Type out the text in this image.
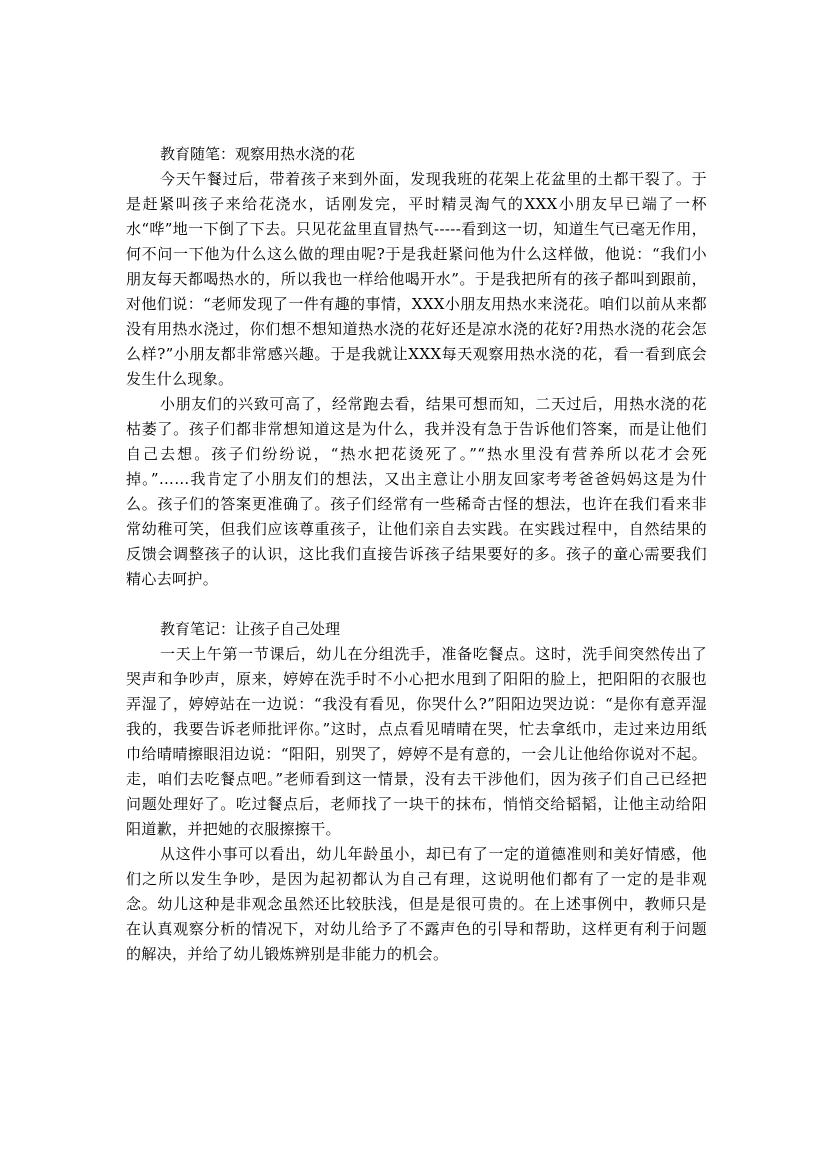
教育随笔：观察用热水浇的花

今天午餐过后，带着孩子来到外面，发现我班的花架上花盆里的土都干裂了。于是赶紧叫孩子来给花浇水，话刚发完，平时精灵淘气的XXX小朋友早已端了一杯水“哗”地一下倒了下去。只见花盆里直冒热气-----看到这一切，知道生气已毫无作用，何不问一下他为什么这么做的理由呢?于是我赶紧问他为什么这样做，他说：“我们小朋友每天都喝热水的，所以我也一样给他喝开水”。于是我把所有的孩子都叫到跟前，对他们说：“老师发现了一件有趣的事情，XXX小朋友用热水来浇花。咱们以前从来都没有用热水浇过，你们想不想知道热水浇的花好还是凉水浇的花好?用热水浇的花会怎么样?”小朋友都非常感兴趣。于是我就让XXX每天观察用热水浇的花，看一看到底会发生什么现象。

小朋友们的兴致可高了，经常跑去看，结果可想而知，二天过后，用热水浇的花枯萎了。孩子们都非常想知道这是为什么，我并没有急于告诉他们答案，而是让他们自己去想。孩子们纷纷说，“热水把花烫死了。”“热水里没有营养所以花才会死掉。”……我肯定了小朋友们的想法，又出主意让小朋友回家考考爸爸妈妈这是为什么。孩子们的答案更准确了。孩子们经常有一些稀奇古怪的想法，也许在我们看来非常幼稚可笑，但我们应该尊重孩子，让他们亲自去实践。在实践过程中，自然结果的反馈会调整孩子的认识，这比我们直接告诉孩子结果要好的多。孩子的童心需要我们精心去呵护。

教育笔记：让孩子自己处理

一天上午第一节课后，幼儿在分组洗手，准备吃餐点。这时，洗手间突然传出了哭声和争吵声，原来，婷婷在洗手时不小心把水甩到了阳阳的脸上，把阳阳的衣服也弄湿了，婷婷站在一边说：“我没有看见，你哭什么?”阳阳边哭边说：“是你有意弄湿我的，我要告诉老师批评你。”这时，点点看见晴晴在哭，忙去拿纸巾，走过来边用纸巾给晴晴擦眼泪边说：“阳阳，别哭了，婷婷不是有意的，一会儿让他给你说对不起。走，咱们去吃餐点吧。”老师看到这一情景，没有去干涉他们，因为孩子们自己已经把问题处理好了。吃过餐点后，老师找了一块干的抹布，悄悄交给韬韬，让他主动给阳阳道歉，并把她的衣服擦擦干。

从这件小事可以看出，幼儿年龄虽小，却已有了一定的道德准则和美好情感，他们之所以发生争吵，是因为起初都认为自己有理，这说明他们都有了一定的是非观念。幼儿这种是非观念虽然还比较肤浅，但是是很可贵的。在上述事例中，教师只是在认真观察分析的情况下，对幼儿给予了不露声色的引导和帮助，这样更有利于问题的解决，并给了幼儿锻炼辨别是非能力的机会。
